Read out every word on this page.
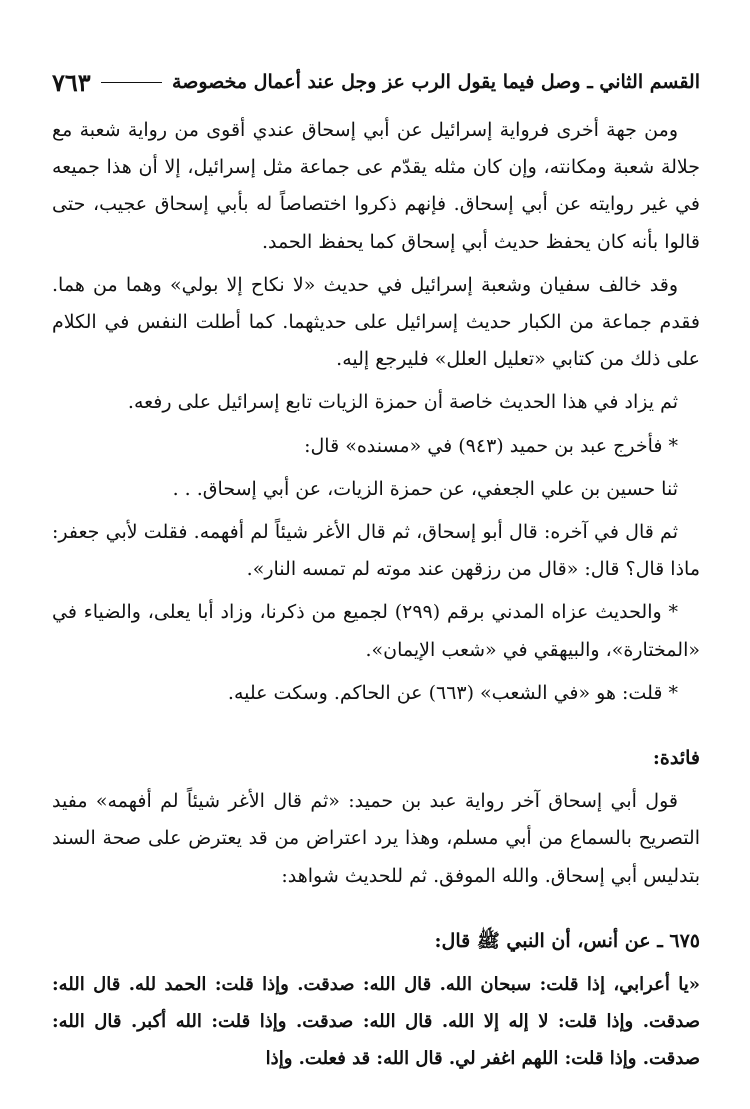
القسم الثاني ـ وصل فيما يقول الرب عز وجل عند أعمال مخصوصة
٧٦٣

ومن جهة أخرى فرواية إسرائيل عن أبي إسحاق عندي أقوى من رواية شعبة مع جلالة شعبة ومكانته، وإن كان مثله يقدّم عى جماعة مثل إسرائيل، إلا أن هذا جميعه في غير روايته عن أبي إسحاق. فإنهم ذكروا اختصاصاً له بأبي إسحاق عجيب، حتى قالوا بأنه كان يحفظ حديث أبي إسحاق كما يحفظ الحمد.

وقد خالف سفيان وشعبة إسرائيل في حديث «لا نكاح إلا بولي» وهما من هما. فقدم جماعة من الكبار حديث إسرائيل على حديثهما. كما أطلت النفس في الكلام على ذلك من كتابي «تعليل العلل» فليرجع إليه.

ثم يزاد في هذا الحديث خاصة أن حمزة الزيات تابع إسرائيل على رفعه.

* فأخرج عبد بن حميد (٩٤٣) في «مسنده» قال:

ثنا حسين بن علي الجعفي، عن حمزة الزيات، عن أبي إسحاق. . .

ثم قال في آخره: قال أبو إسحاق، ثم قال الأغر شيئاً لم أفهمه. فقلت لأبي جعفر: ماذا قال؟ قال: «قال من رزقهن عند موته لم تمسه النار».

* والحديث عزاه المدني برقم (٢٩٩) لجميع من ذكرنا، وزاد أبا يعلى، والضياء في «المختارة»، والبيهقي في «شعب الإيمان».

* قلت: هو «في الشعب» (٦٦٣) عن الحاكم. وسكت عليه.

فائدة:

قول أبي إسحاق آخر رواية عبد بن حميد: «ثم قال الأغر شيئاً لم أفهمه» مفيد التصريح بالسماع من أبي مسلم، وهذا يرد اعتراض من قد يعترض على صحة السند بتدليس أبي إسحاق. والله الموفق. ثم للحديث شواهد:

٦٧٥ ـ عن أنس، أن النبي ﷺ قال:

«يا أعرابي، إذا قلت: سبحان الله. قال الله: صدقت. وإذا قلت: الحمد لله. قال الله: صدقت. وإذا قلت: لا إله إلا الله. قال الله: صدقت. وإذا قلت: الله أكبر. قال الله: صدقت. وإذا قلت: اللهم اغفر لي. قال الله: قد فعلت. وإذا
